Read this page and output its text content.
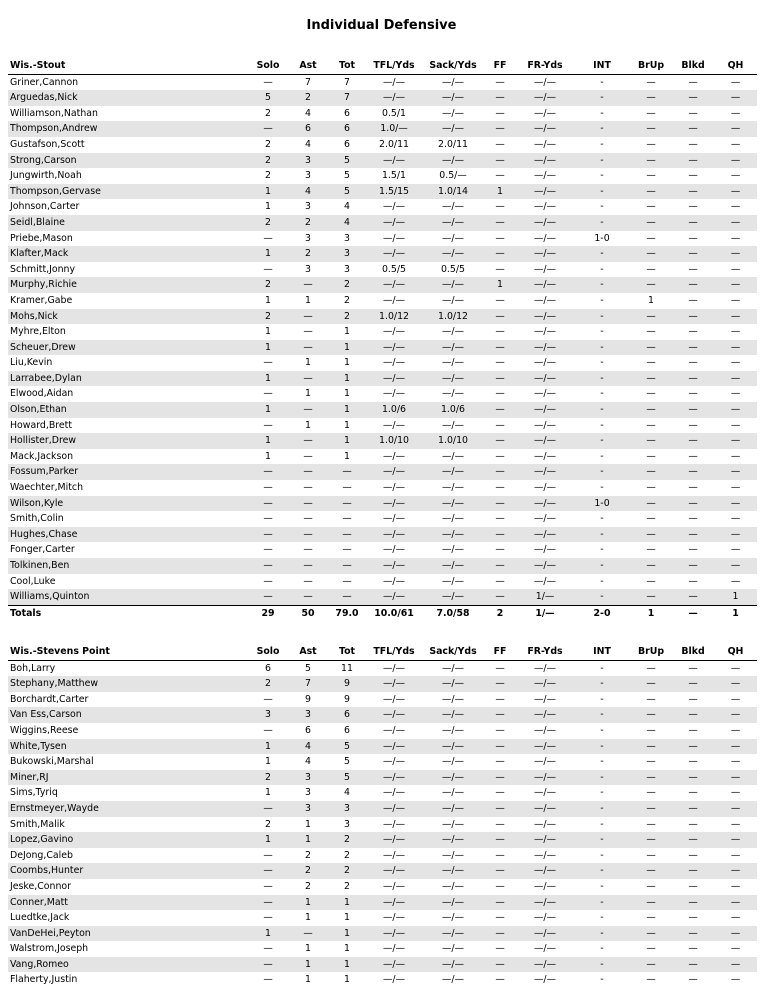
Individual Defensive
Wis.-Stout	Solo	Ast	Tot	TFL/Yds	Sack/Yds	FF	FR-Yds	INT	BrUp	Blkd	QH
Griner,Cannon	—	7	7	—/—	—/—	—	—/—	-	—	—	—
Arguedas,Nick	5	2	7	—/—	—/—	—	—/—	-	—	—	—
Williamson,Nathan	2	4	6	0.5/1	—/—	—	—/—	-	—	—	—
Thompson,Andrew	—	6	6	1.0/—	—/—	—	—/—	-	—	—	—
Gustafson,Scott	2	4	6	2.0/11	2.0/11	—	—/—	-	—	—	—
Strong,Carson	2	3	5	—/—	—/—	—	—/—	-	—	—	—
Jungwirth,Noah	2	3	5	1.5/1	0.5/—	—	—/—	-	—	—	—
Thompson,Gervase	1	4	5	1.5/15	1.0/14	1	—/—	-	—	—	—
Johnson,Carter	1	3	4	—/—	—/—	—	—/—	-	—	—	—
Seidl,Blaine	2	2	4	—/—	—/—	—	—/—	-	—	—	—
Priebe,Mason	—	3	3	—/—	—/—	—	—/—	1-0	—	—	—
Klafter,Mack	1	2	3	—/—	—/—	—	—/—	-	—	—	—
Schmitt,Jonny	—	3	3	0.5/5	0.5/5	—	—/—	-	—	—	—
Murphy,Richie	2	—	2	—/—	—/—	1	—/—	-	—	—	—
Kramer,Gabe	1	1	2	—/—	—/—	—	—/—	-	1	—	—
Mohs,Nick	2	—	2	1.0/12	1.0/12	—	—/—	-	—	—	—
Myhre,Elton	1	—	1	—/—	—/—	—	—/—	-	—	—	—
Scheuer,Drew	1	—	1	—/—	—/—	—	—/—	-	—	—	—
Liu,Kevin	—	1	1	—/—	—/—	—	—/—	-	—	—	—
Larrabee,Dylan	1	—	1	—/—	—/—	—	—/—	-	—	—	—
Elwood,Aidan	—	1	1	—/—	—/—	—	—/—	-	—	—	—
Olson,Ethan	1	—	1	1.0/6	1.0/6	—	—/—	-	—	—	—
Howard,Brett	—	1	1	—/—	—/—	—	—/—	-	—	—	—
Hollister,Drew	1	—	1	1.0/10	1.0/10	—	—/—	-	—	—	—
Mack,Jackson	1	—	1	—/—	—/—	—	—/—	-	—	—	—
Fossum,Parker	—	—	—	—/—	—/—	—	—/—	-	—	—	—
Waechter,Mitch	—	—	—	—/—	—/—	—	—/—	-	—	—	—
Wilson,Kyle	—	—	—	—/—	—/—	—	—/—	1-0	—	—	—
Smith,Colin	—	—	—	—/—	—/—	—	—/—	-	—	—	—
Hughes,Chase	—	—	—	—/—	—/—	—	—/—	-	—	—	—
Fonger,Carter	—	—	—	—/—	—/—	—	—/—	-	—	—	—
Tolkinen,Ben	—	—	—	—/—	—/—	—	—/—	-	—	—	—
Cool,Luke	—	—	—	—/—	—/—	—	—/—	-	—	—	—
Williams,Quinton	—	—	—	—/—	—/—	—	1/—	-	—	—	1
Totals	29	50	79.0	10.0/61	7.0/58	2	1/—	2-0	1	—	1
Wis.-Stevens Point	Solo	Ast	Tot	TFL/Yds	Sack/Yds	FF	FR-Yds	INT	BrUp	Blkd	QH
Boh,Larry	6	5	11	—/—	—/—	—	—/—	-	—	—	—
Stephany,Matthew	2	7	9	—/—	—/—	—	—/—	-	—	—	—
Borchardt,Carter	—	9	9	—/—	—/—	—	—/—	-	—	—	—
Van Ess,Carson	3	3	6	—/—	—/—	—	—/—	-	—	—	—
Wiggins,Reese	—	6	6	—/—	—/—	—	—/—	-	—	—	—
White,Tysen	1	4	5	—/—	—/—	—	—/—	-	—	—	—
Bukowski,Marshal	1	4	5	—/—	—/—	—	—/—	-	—	—	—
Miner,RJ	2	3	5	—/—	—/—	—	—/—	-	—	—	—
Sims,Tyriq	1	3	4	—/—	—/—	—	—/—	-	—	—	—
Ernstmeyer,Wayde	—	3	3	—/—	—/—	—	—/—	-	—	—	—
Smith,Malik	2	1	3	—/—	—/—	—	—/—	-	—	—	—
Lopez,Gavino	1	1	2	—/—	—/—	—	—/—	-	—	—	—
DeJong,Caleb	—	2	2	—/—	—/—	—	—/—	-	—	—	—
Coombs,Hunter	—	2	2	—/—	—/—	—	—/—	-	—	—	—
Jeske,Connor	—	2	2	—/—	—/—	—	—/—	-	—	—	—
Conner,Matt	—	1	1	—/—	—/—	—	—/—	-	—	—	—
Luedtke,Jack	—	1	1	—/—	—/—	—	—/—	-	—	—	—
VanDeHei,Peyton	1	—	1	—/—	—/—	—	—/—	-	—	—	—
Walstrom,Joseph	—	1	1	—/—	—/—	—	—/—	-	—	—	—
Vang,Romeo	—	1	1	—/—	—/—	—	—/—	-	—	—	—
Flaherty,Justin	—	1	1	—/—	—/—	—	—/—	-	—	—	—
